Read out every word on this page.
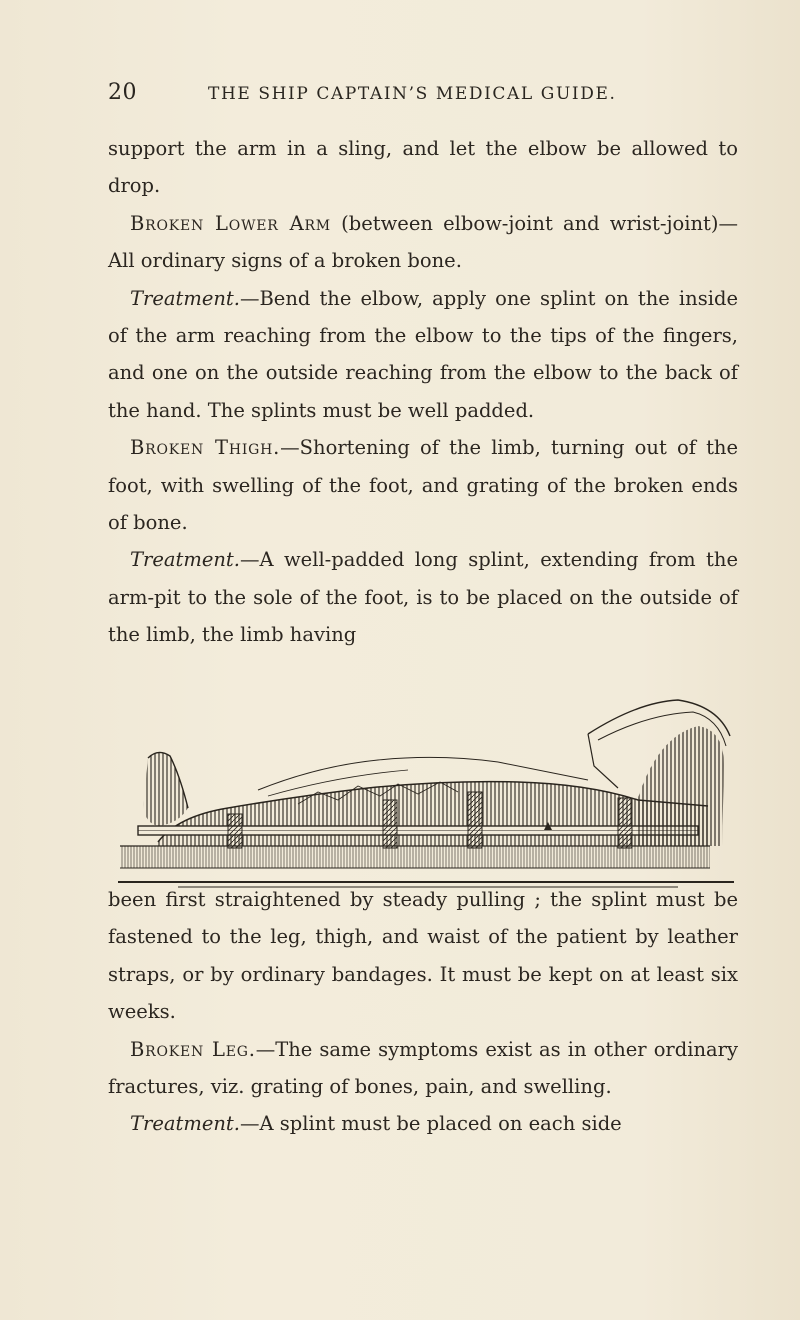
20	THE SHIP CAPTAIN’S MEDICAL GUIDE.

support the arm in a sling, and let the elbow be allowed to drop.

Broken Lower Arm (between elbow-joint and wrist-joint)—All ordinary signs of a broken bone.

Treatment.—Bend the elbow, apply one splint on the inside of the arm reaching from the elbow to the tips of the fingers, and one on the outside reaching from the elbow to the back of the hand. The splints must be well padded.

Broken Thigh.—Shortening of the limb, turning out of the foot, with swelling of the foot, and grating of the broken ends of bone.

Treatment.—A well-padded long splint, extending from the arm-pit to the sole of the foot, is to be placed on the outside of the limb, the limb having

been first straightened by steady pulling ; the splint must be fastened to the leg, thigh, and waist of the patient by leather straps, or by ordinary bandages. It must be kept on at least six weeks.

Broken Leg.—The same symptoms exist as in other ordinary fractures, viz. grating of bones, pain, and swelling.

Treatment.—A splint must be placed on each side
